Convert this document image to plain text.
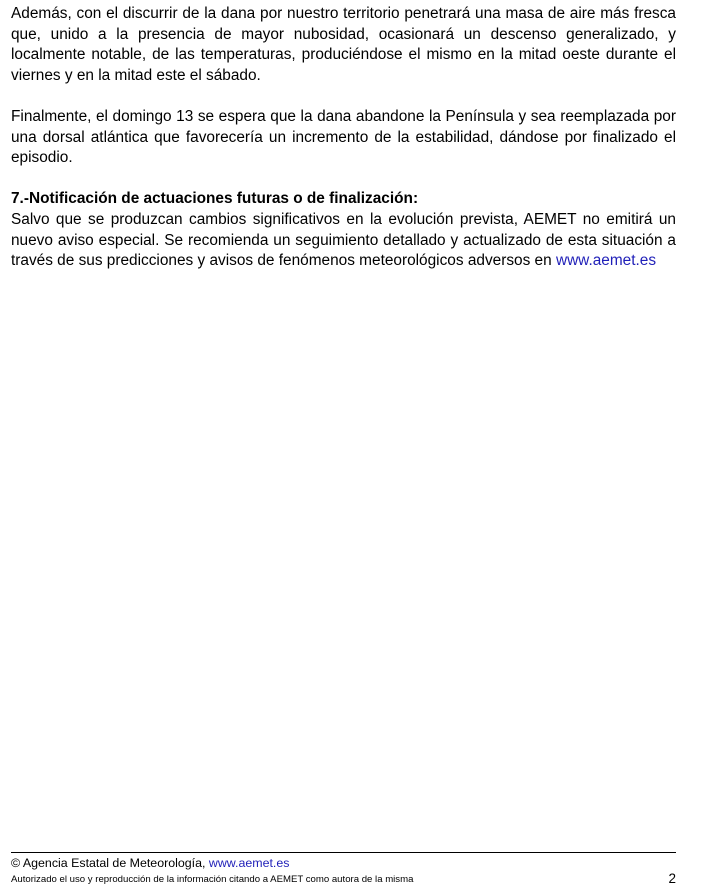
Además, con el discurrir de la dana por nuestro territorio penetrará una masa de aire más fresca que, unido a la presencia de mayor nubosidad, ocasionará un descenso generalizado, y localmente notable, de las temperaturas, produciéndose el mismo en la mitad oeste durante el viernes y en la mitad este el sábado.

Finalmente, el domingo 13 se espera que la dana abandone la Península y sea reemplazada por una dorsal atlántica que favorecería un incremento de la estabilidad, dándose por finalizado el episodio.

7.-Notificación de actuaciones futuras o de finalización:

Salvo que se produzcan cambios significativos en la evolución prevista, AEMET no emitirá un nuevo aviso especial. Se recomienda un seguimiento detallado y actualizado de esta situación a través de sus predicciones y avisos de fenómenos meteorológicos adversos en www.aemet.es

© Agencia Estatal de Meteorología, www.aemet.es

Autorizado el uso y reproducción de la información citando a AEMET como autora de la misma	2
